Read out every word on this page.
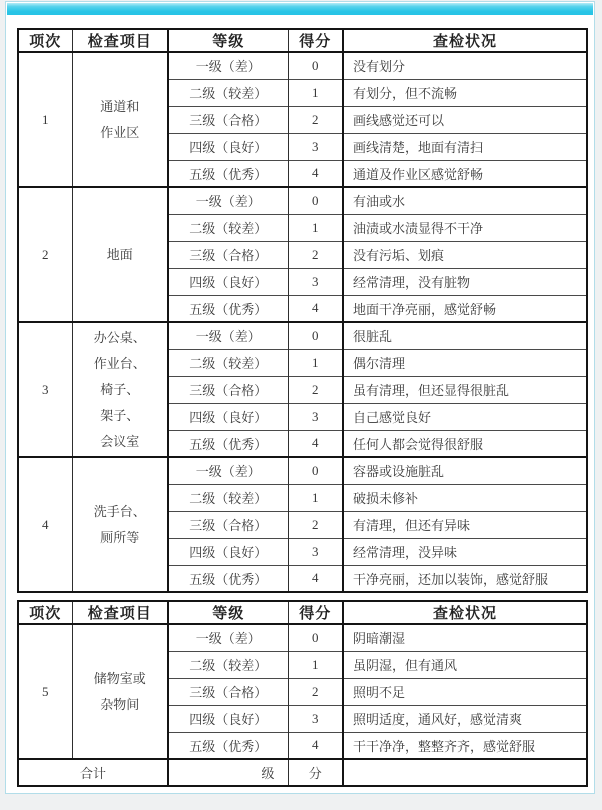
项次	检查项目	等级	得分	查检状况
1	通道和
作业区	一级（差）	0	没有划分
		二级（较差）	1	有划分，但不流畅
		三级（合格）	2	画线感觉还可以
		四级（良好）	3	画线清楚，地面有清扫
		五级（优秀）	4	通道及作业区感觉舒畅
2	地面	一级（差）	0	有油或水
		二级（较差）	1	油渍或水渍显得不干净
		三级（合格）	2	没有污垢、划痕
		四级（良好）	3	经常清理，没有脏物
		五级（优秀）	4	地面干净亮丽，感觉舒畅
3	办公桌、
作业台、
椅子、
架子、
会议室	一级（差）	0	很脏乱
		二级（较差）	1	偶尔清理
		三级（合格）	2	虽有清理，但还显得很脏乱
		四级（良好）	3	自己感觉良好
		五级（优秀）	4	任何人都会觉得很舒服
4	洗手台、
厕所等	一级（差）	0	容器或设施脏乱
		二级（较差）	1	破损未修补
		三级（合格）	2	有清理，但还有异味
		四级（良好）	3	经常清理，没异味
		五级（优秀）	4	干净亮丽，还加以装饰，感觉舒服
项次	检查项目	等级	得分	查检状况
5	储物室或
杂物间	一级（差）	0	阴暗潮湿
		二级（较差）	1	虽阴湿，但有通风
		三级（合格）	2	照明不足
		四级（良好）	3	照明适度，通风好，感觉清爽
		五级（优秀）	4	干干净净，整整齐齐，感觉舒服
合计		级	分	
